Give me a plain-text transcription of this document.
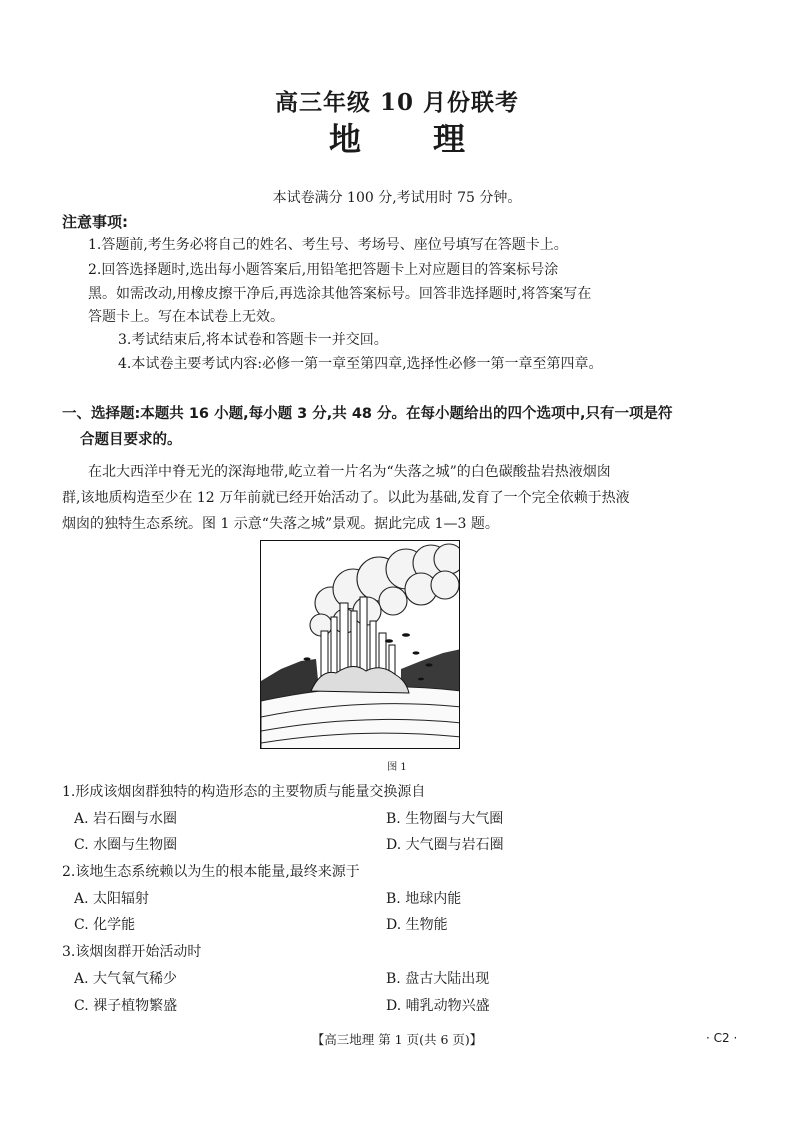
高三年级 10 月份联考
地 理
本试卷满分 100 分,考试用时 75 分钟。
注意事项:
1.答题前,考生务必将自己的姓名、考生号、考场号、座位号填写在答题卡上。
2.回答选择题时,选出每小题答案后,用铅笔把答题卡上对应题目的答案标号涂
黑。如需改动,用橡皮擦干净后,再选涂其他答案标号。回答非选择题时,将答案写在
答题卡上。写在本试卷上无效。
3.考试结束后,将本试卷和答题卡一并交回。
4.本试卷主要考试内容:必修一第一章至第四章,选择性必修一第一章至第四章。
一、选择题:本题共 16 小题,每小题 3 分,共 48 分。在每小题给出的四个选项中,只有一项是符
合题目要求的。
在北大西洋中脊无光的深海地带,屹立着一片名为“失落之城”的白色碳酸盐岩热液烟囱
群,该地质构造至少在 12 万年前就已经开始活动了。以此为基础,发育了一个完全依赖于热液
烟囱的独特生态系统。图 1 示意“失落之城”景观。据此完成 1—3 题。
图 1
1.形成该烟囱群独特的构造形态的主要物质与能量交换源自
A. 岩石圈与水圈	B. 生物圈与大气圈
C. 水圈与生物圈	D. 大气圈与岩石圈
2.该地生态系统赖以为生的根本能量,最终来源于
A. 太阳辐射	B. 地球内能
C. 化学能	D. 生物能
3.该烟囱群开始活动时
A. 大气氧气稀少	B. 盘古大陆出现
C. 裸子植物繁盛	D. 哺乳动物兴盛
【高三地理 第 1 页(共 6 页)】	· C2 ·
